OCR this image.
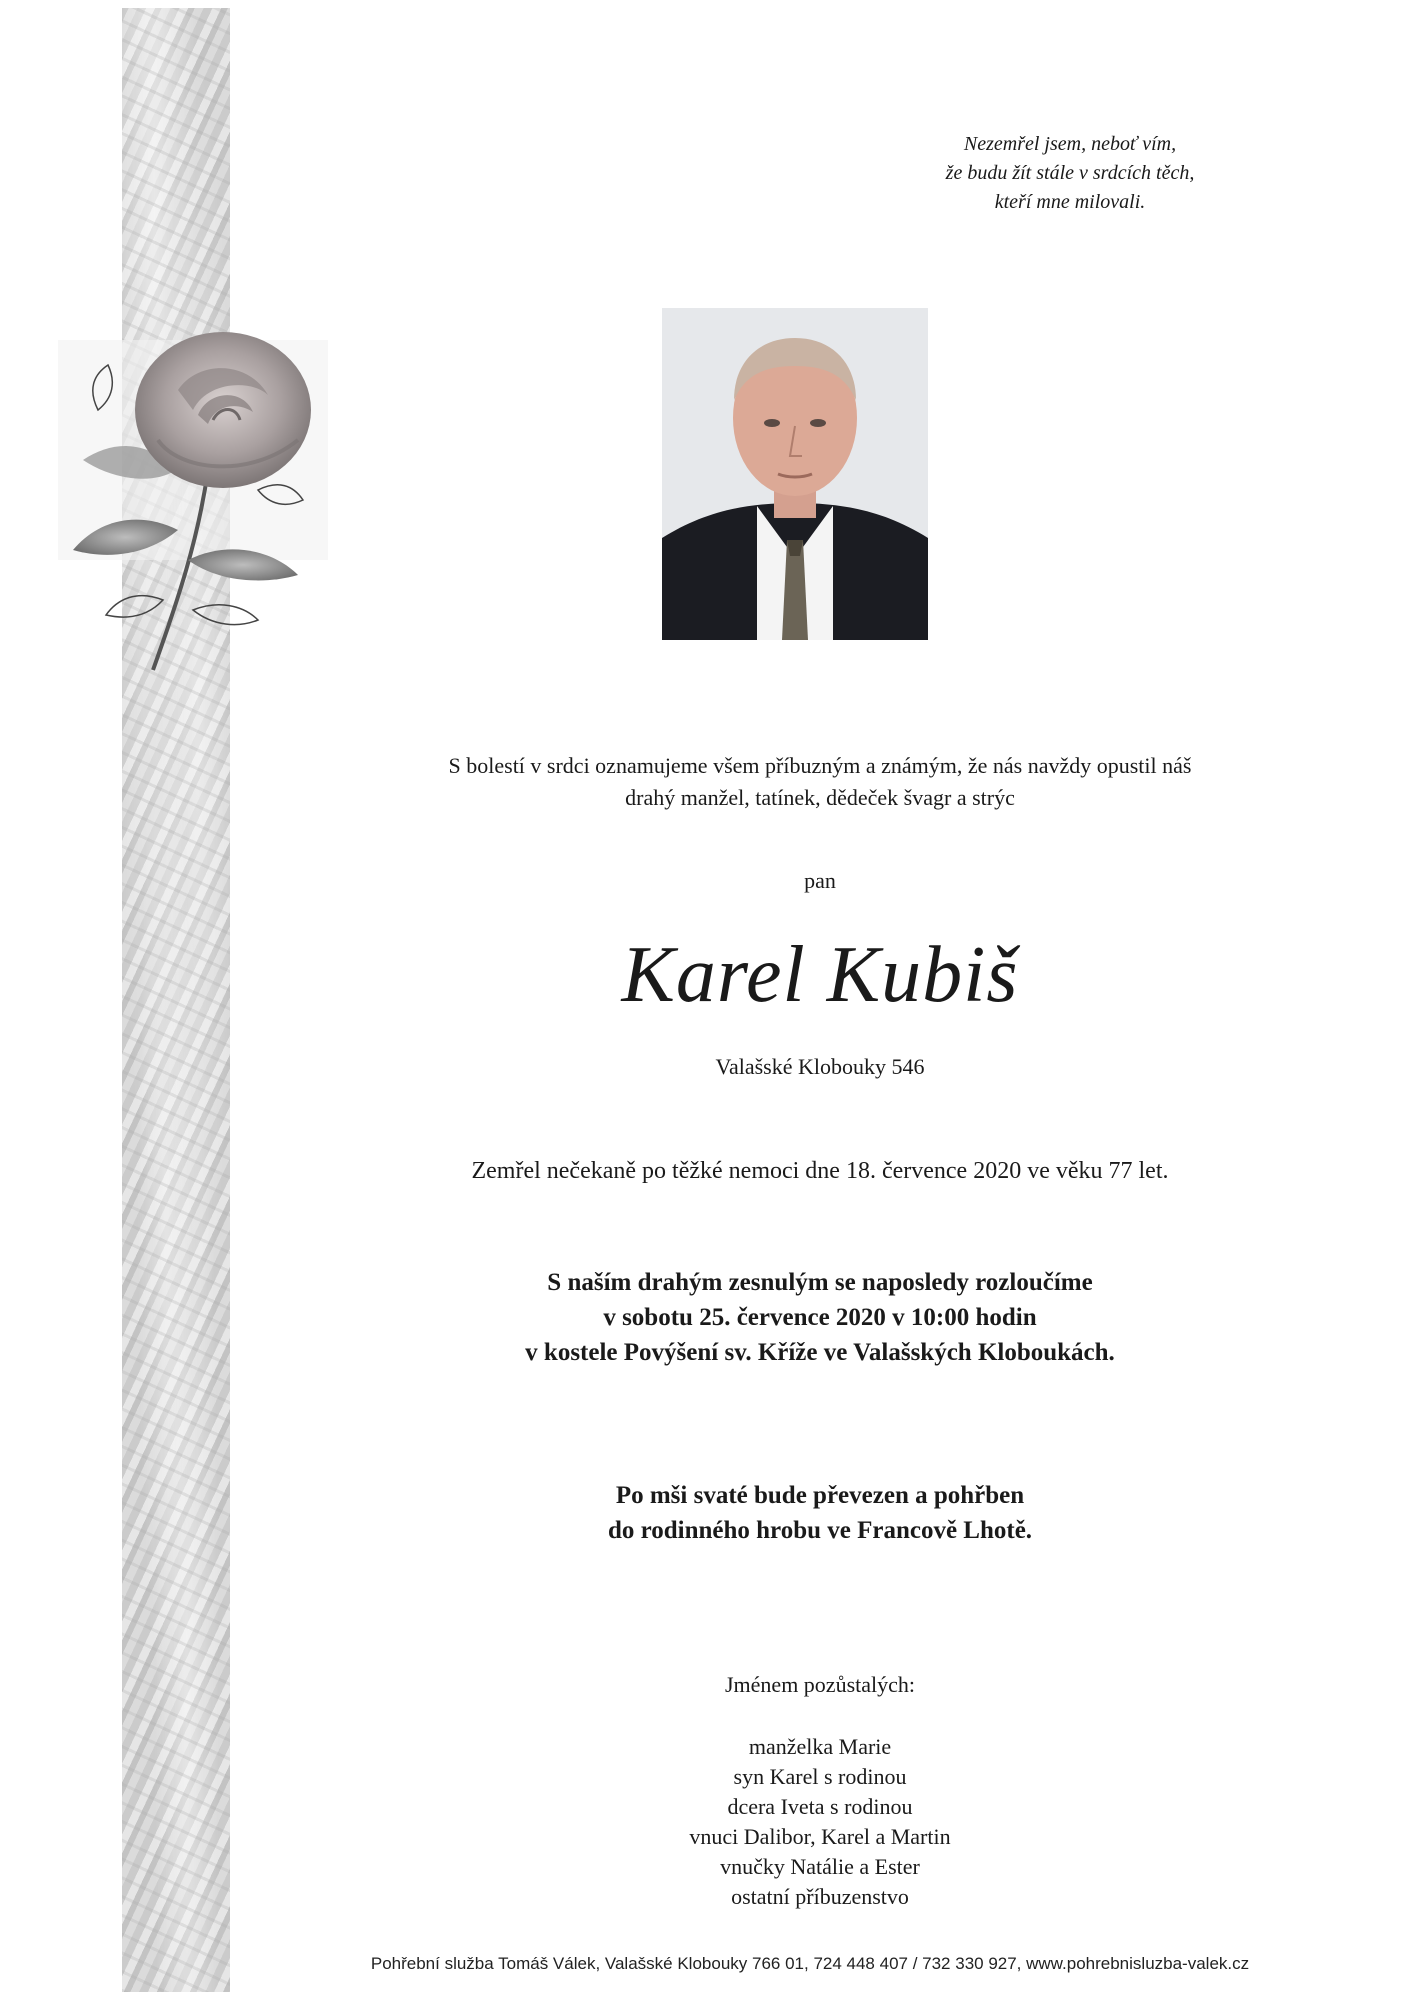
Nezemřel jsem, neboť vím,
že budu žít stále v srdcích těch,
kteří mne milovali.
S bolestí v srdci oznamujeme všem příbuzným a známým, že nás navždy opustil náš
drahý manžel, tatínek, dědeček švagr a strýc
pan
Karel Kubiš
Valašské Klobouky 546
Zemřel nečekaně po těžké nemoci dne 18. července 2020 ve věku 77 let.
S naším drahým zesnulým se naposledy rozloučíme
v sobotu 25. července 2020 v 10:00 hodin
v kostele Povýšení sv. Kříže ve Valašských Kloboukách.
Po mši svaté bude převezen a pohřben
do rodinného hrobu ve Francově Lhotě.
Jménem pozůstalých:
manželka Marie
syn Karel s rodinou
dcera Iveta s rodinou
vnuci Dalibor, Karel a Martin
vnučky Natálie a Ester
ostatní příbuzenstvo
Pohřební služba Tomáš Válek, Valašské Klobouky 766 01, 724 448 407 / 732 330 927, www.pohrebnisluzba-valek.cz
